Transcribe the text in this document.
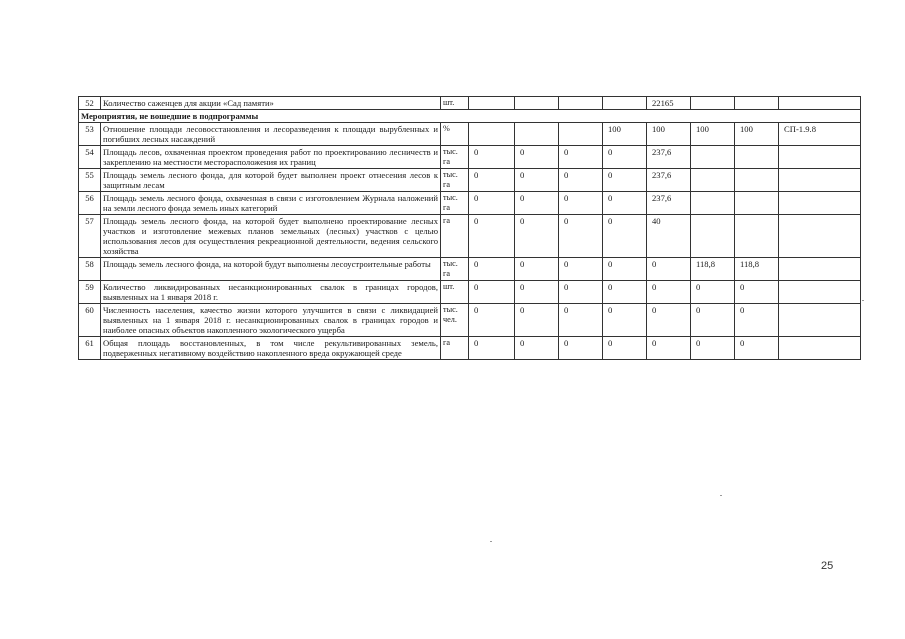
52	Количество саженцев для акции «Сад памяти»	шт.					22165			
Мероприятия, не вошедшие в подпрограммы										
53	Отношение площади лесовосстановления и лесоразведения к площади вырубленных и погибших лесных насаждений	%				100	100	100	100	СП-1.9.8
54	Площадь лесов, охваченная проектом проведения работ по проектированию лесничеств и закреплению на местности месторасположения их границ	тыс. га	0	0	0	0	237,6			
55	Площадь земель лесного фонда, для которой будет выполнен проект отнесения лесов к защитным лесам	тыс. га	0	0	0	0	237,6			
56	Площадь земель лесного фонда, охваченная в связи с изготовлением Журнала наложений на земли лесного фонда земель иных категорий	тыс. га	0	0	0	0	237,6			
57	Площадь земель лесного фонда, на которой будет выполнено проектирование лесных участков и изготовление межевых планов земельных (лесных) участков с целью использования лесов для осуществления рекреационной деятельности, ведения сельского хозяйства	га	0	0	0	0	40			
58	Площадь земель лесного фонда, на которой будут выполнены лесоустроительные работы	тыс. га	0	0	0	0	0	118,8	118,8	
59	Количество ликвидированных несанкционированных свалок в границах городов, выявленных на 1 января 2018 г.	шт.	0	0	0	0	0	0	0	
60	Численность населения, качество жизни которого улучшится в связи с ликвидацией выявленных на 1 января 2018 г. несанкционированных свалок в границах городов и наиболее опасных объектов накопленного экологического ущерба	тыс. чел.	0	0	0	0	0	0	0	
61	Общая площадь восстановленных, в том числе рекультивированных земель, подверженных негативному воздействию накопленного вреда окружающей среде	га	0	0	0	0	0	0	0	
25
